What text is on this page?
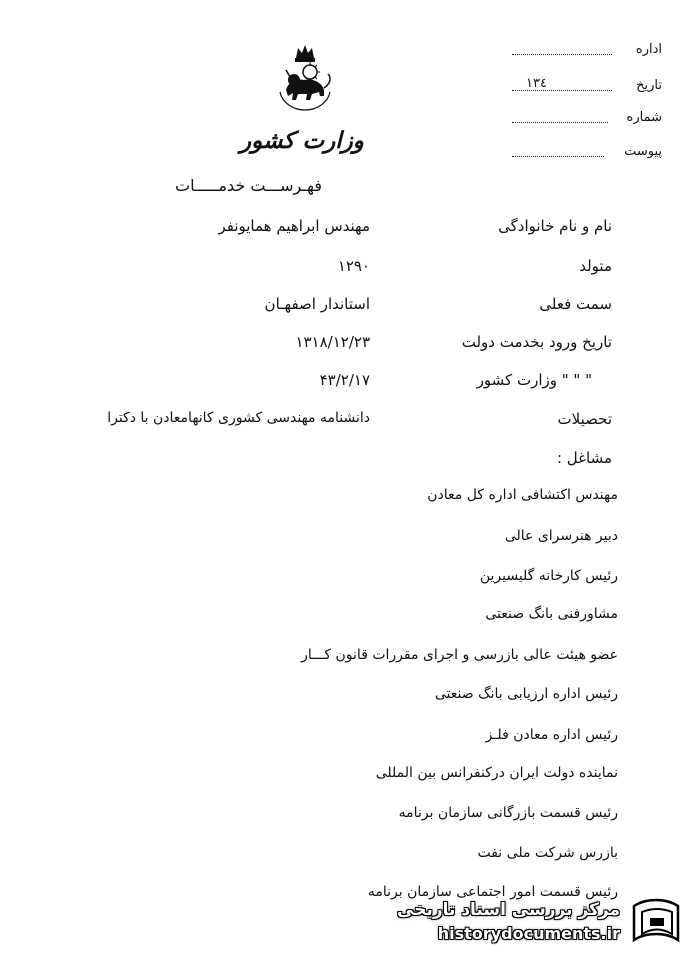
اداره
تاریخ
۱۳٤
شماره
پیوست
وزارت کشور
فهـرســـت خدمـــــات
نام و نام خانوادگی
مهندس ابراهیم همایونفر
متولد
۱۲۹۰
سمت فعلی
استاندار اصفهـان
تاریخ ورود بخدمت دولت
۱۳۱۸/۱۲/۲۳
" " " وزارت کشور
۴۳/۲/۱۷
تحصیلات
دانشنامه مهندسی کشوری کانهامعادن با دکترا
مشاغل :
مهندس اکتشافی اداره کل معادن
دبیر هنرسرای عالی
رئیس کارخانه گلیسیرین
مشاورفنی بانگ صنعتی
عضو هیئت عالی بازرسی و اجرای مقررات قانون کـــار
رئیس اداره ارزیابی بانگ صنعتی
رئیس اداره معادن فلـز
نماینده دولت ایران درکنفرانس بین المللی
رئیس قسمت بازرگانی سازمان برنامه
بازرس شرکت ملی نفت
رئیس قسمت امور اجتماعی سازمان برنامه
مرکز بررسی اسناد تاریخی
historydocuments.ir
